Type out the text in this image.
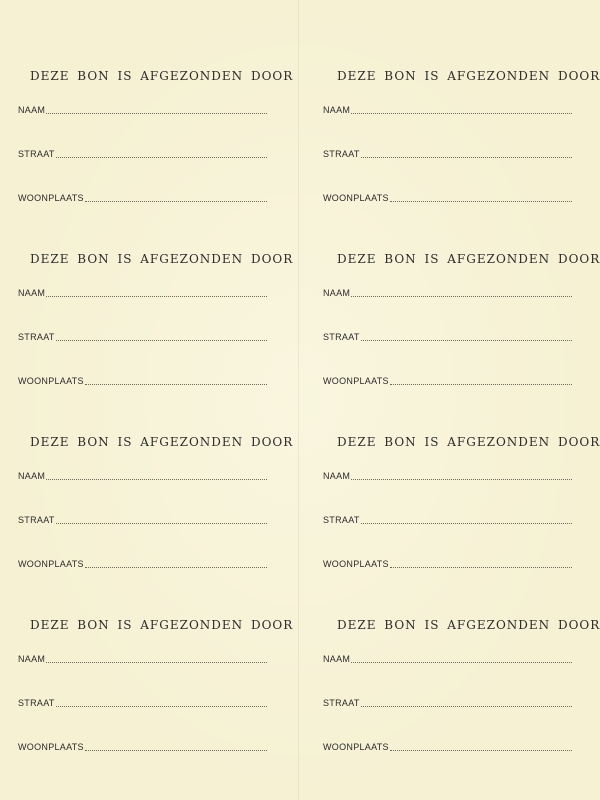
DEZE BON IS AFGEZONDEN DOOR
NAAM
STRAAT
WOONPLAATS
DEZE BON IS AFGEZONDEN DOOR
NAAM
STRAAT
WOONPLAATS
DEZE BON IS AFGEZONDEN DOOR
NAAM
STRAAT
WOONPLAATS
DEZE BON IS AFGEZONDEN DOOR
NAAM
STRAAT
WOONPLAATS
DEZE BON IS AFGEZONDEN DOOR
NAAM
STRAAT
WOONPLAATS
DEZE BON IS AFGEZONDEN DOOR
NAAM
STRAAT
WOONPLAATS
DEZE BON IS AFGEZONDEN DOOR
NAAM
STRAAT
WOONPLAATS
DEZE BON IS AFGEZONDEN DOOR
NAAM
STRAAT
WOONPLAATS
